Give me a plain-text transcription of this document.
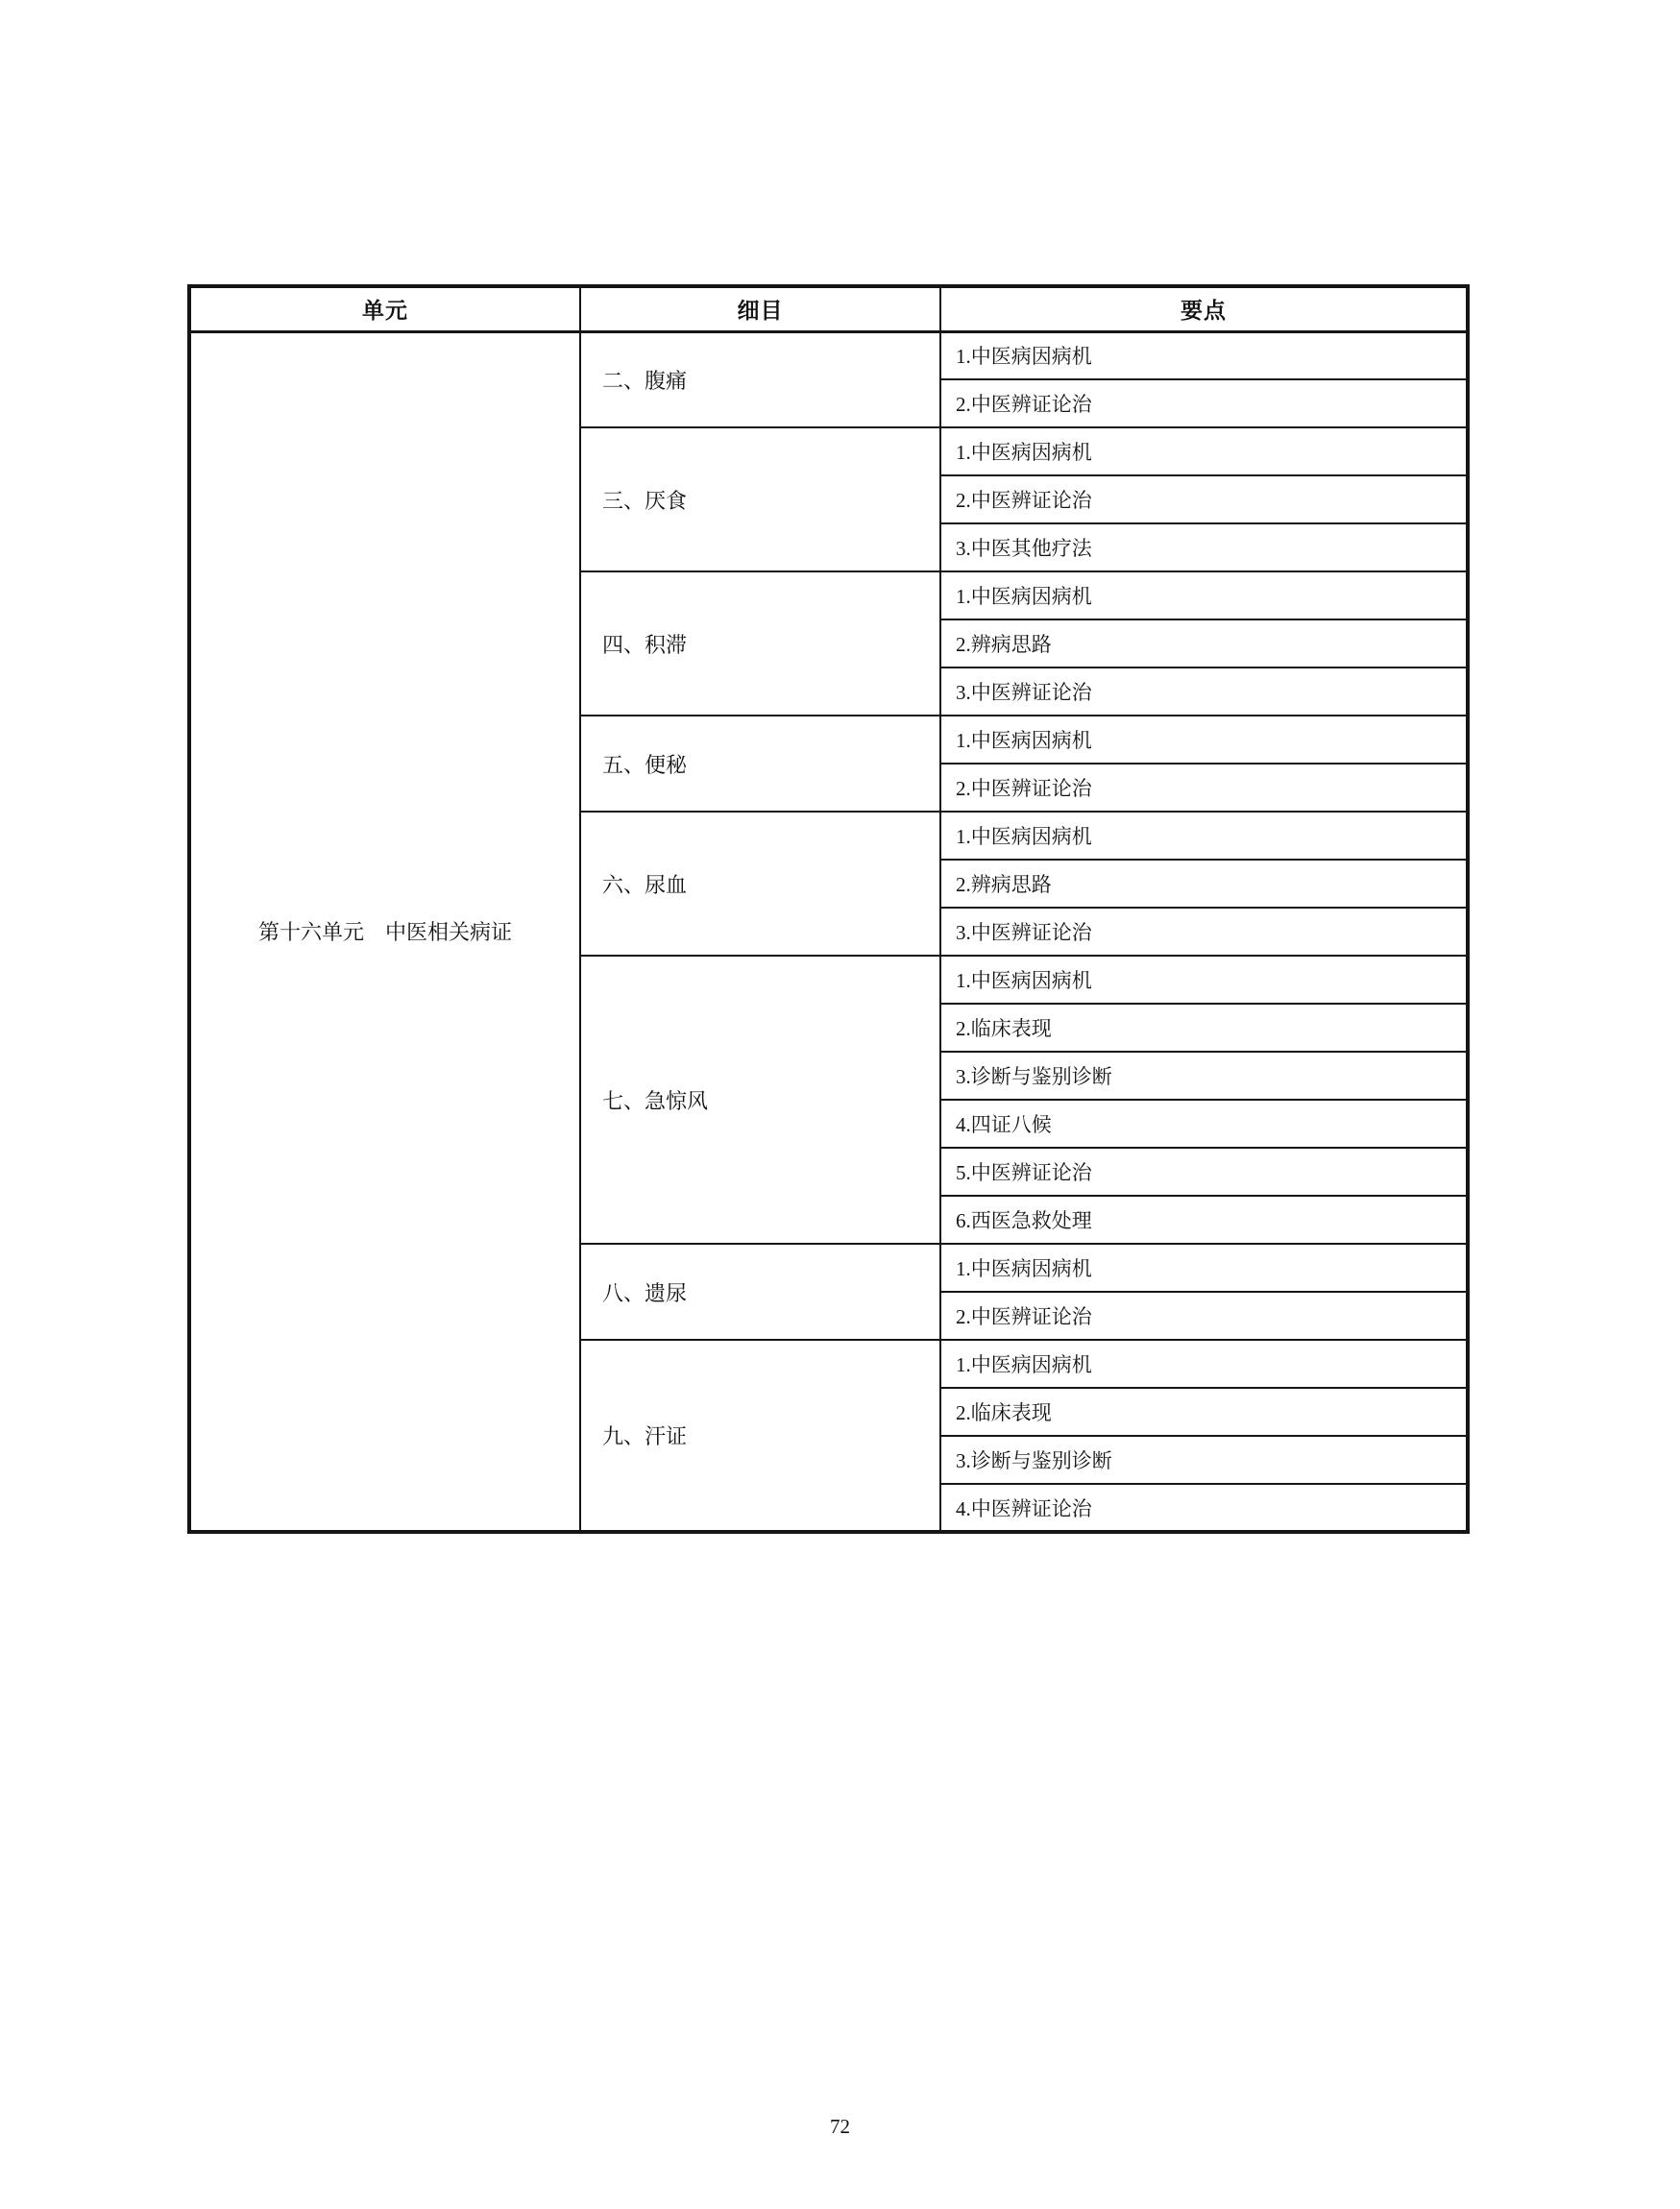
单元	细目	要点
第十六单元　中医相关病证	二、腹痛	1.中医病因病机
		2.中医辨证论治
	三、厌食	1.中医病因病机
		2.中医辨证论治
		3.中医其他疗法
	四、积滞	1.中医病因病机
		2.辨病思路
		3.中医辨证论治
	五、便秘	1.中医病因病机
		2.中医辨证论治
	六、尿血	1.中医病因病机
		2.辨病思路
		3.中医辨证论治
	七、急惊风	1.中医病因病机
		2.临床表现
		3.诊断与鉴别诊断
		4.四证八候
		5.中医辨证论治
		6.西医急救处理
	八、遗尿	1.中医病因病机
		2.中医辨证论治
	九、汗证	1.中医病因病机
		2.临床表现
		3.诊断与鉴别诊断
		4.中医辨证论治
72
